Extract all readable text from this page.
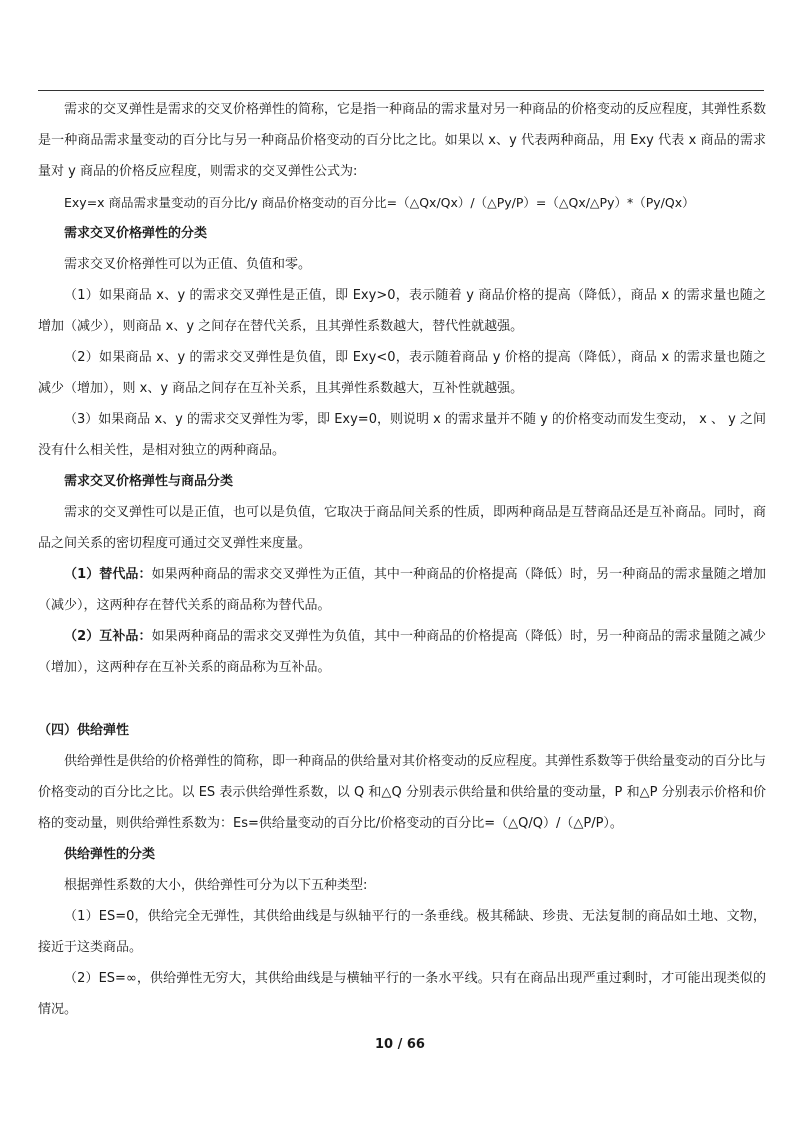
需求的交叉弹性是需求的交叉价格弹性的简称，它是指一种商品的需求量对另一种商品的价格变动的反应程度，其弹性系数是一种商品需求量变动的百分比与另一种商品价格变动的百分比之比。如果以 x、y 代表两种商品，用 Exy 代表 x 商品的需求量对 y 商品的价格反应程度，则需求的交叉弹性公式为:

Exy=x 商品需求量变动的百分比/y 商品价格变动的百分比=（△Qx/Qx）/（△Py/P）=（△Qx/△Py）*（Py/Qx）

需求交叉价格弹性的分类

需求交叉价格弹性可以为正值、负值和零。

（1）如果商品 x、y 的需求交叉弹性是正值，即 Exy>0，表示随着 y 商品价格的提高（降低），商品 x 的需求量也随之增加（减少），则商品 x、y 之间存在替代关系，且其弹性系数越大，替代性就越强。

（2）如果商品 x、y 的需求交叉弹性是负值，即 Exy<0，表示随着商品 y 价格的提高（降低），商品 x 的需求量也随之减少（增加），则 x、y 商品之间存在互补关系，且其弹性系数越大，互补性就越强。

（3）如果商品 x、y 的需求交叉弹性为零，即 Exy=0，则说明 x 的需求量并不随 y 的价格变动而发生变动， x 、 y 之间没有什么相关性，是相对独立的两种商品。

需求交叉价格弹性与商品分类

需求的交叉弹性可以是正值，也可以是负值，它取决于商品间关系的性质，即两种商品是互替商品还是互补商品。同时，商品之间关系的密切程度可通过交叉弹性来度量。

（1）替代品：如果两种商品的需求交叉弹性为正值，其中一种商品的价格提高（降低）时，另一种商品的需求量随之增加（减少），这两种存在替代关系的商品称为替代品。

（2）互补品：如果两种商品的需求交叉弹性为负值，其中一种商品的价格提高（降低）时，另一种商品的需求量随之减少（增加），这两种存在互补关系的商品称为互补品。

（四）供给弹性

供给弹性是供给的价格弹性的简称，即一种商品的供给量对其价格变动的反应程度。其弹性系数等于供给量变动的百分比与价格变动的百分比之比。以 ES 表示供给弹性系数，以 Q 和△Q 分别表示供给量和供给量的变动量，P 和△P 分别表示价格和价格的变动量，则供给弹性系数为：Es=供给量变动的百分比/价格变动的百分比=（△Q/Q）/（△P/P）。

供给弹性的分类

根据弹性系数的大小，供给弹性可分为以下五种类型:

（1）ES=0，供给完全无弹性，其供给曲线是与纵轴平行的一条垂线。极其稀缺、珍贵、无法复制的商品如土地、文物，接近于这类商品。

（2）ES=∞，供给弹性无穷大，其供给曲线是与横轴平行的一条水平线。只有在商品出现严重过剩时，才可能出现类似的情况。

10 / 66
